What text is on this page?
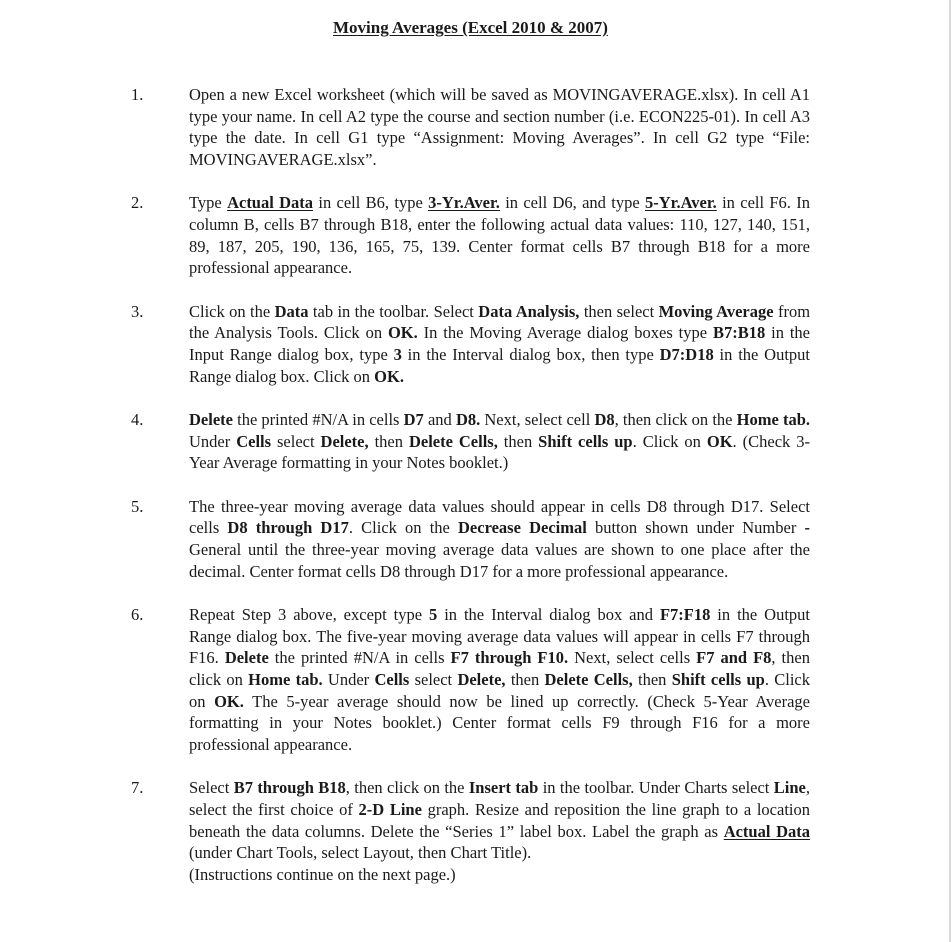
Moving Averages (Excel 2010 & 2007)
1.	Open a new Excel worksheet (which will be saved as MOVINGAVERAGE.xlsx). In cell A1 type your name. In cell A2 type the course and section number (i.e. ECON225-01). In cell A3 type the date. In cell G1 type “Assignment: Moving Averages”. In cell G2 type “File: MOVINGAVERAGE.xlsx”.
2.	Type Actual Data in cell B6, type 3-Yr.Aver. in cell D6, and type 5-Yr.Aver. in cell F6. In column B, cells B7 through B18, enter the following actual data values: 110, 127, 140, 151, 89, 187, 205, 190, 136, 165, 75, 139. Center format cells B7 through B18 for a more professional appearance.
3.	Click on the Data tab in the toolbar. Select Data Analysis, then select Moving Average from the Analysis Tools. Click on OK. In the Moving Average dialog boxes type B7:B18 in the Input Range dialog box, type 3 in the Interval dialog box, then type D7:D18 in the Output Range dialog box. Click on OK.
4.	Delete the printed #N/A in cells D7 and D8. Next, select cell D8, then click on the Home tab. Under Cells select Delete, then Delete Cells, then Shift cells up. Click on OK. (Check 3-Year Average formatting in your Notes booklet.)
5.	The three-year moving average data values should appear in cells D8 through D17. Select cells D8 through D17. Click on the Decrease Decimal button shown under Number - General until the three-year moving average data values are shown to one place after the decimal. Center format cells D8 through D17 for a more professional appearance.
6.	Repeat Step 3 above, except type 5 in the Interval dialog box and F7:F18 in the Output Range dialog box. The five-year moving average data values will appear in cells F7 through F16. Delete the printed #N/A in cells F7 through F10. Next, select cells F7 and F8, then click on Home tab. Under Cells select Delete, then Delete Cells, then Shift cells up. Click on OK. The 5-year average should now be lined up correctly. (Check 5-Year Average formatting in your Notes booklet.) Center format cells F9 through F16 for a more professional appearance.
7.	Select B7 through B18, then click on the Insert tab in the toolbar. Under Charts select Line, select the first choice of 2-D Line graph. Resize and reposition the line graph to a location beneath the data columns. Delete the “Series 1” label box. Label the graph as Actual Data (under Chart Tools, select Layout, then Chart Title).
(Instructions continue on the next page.)
